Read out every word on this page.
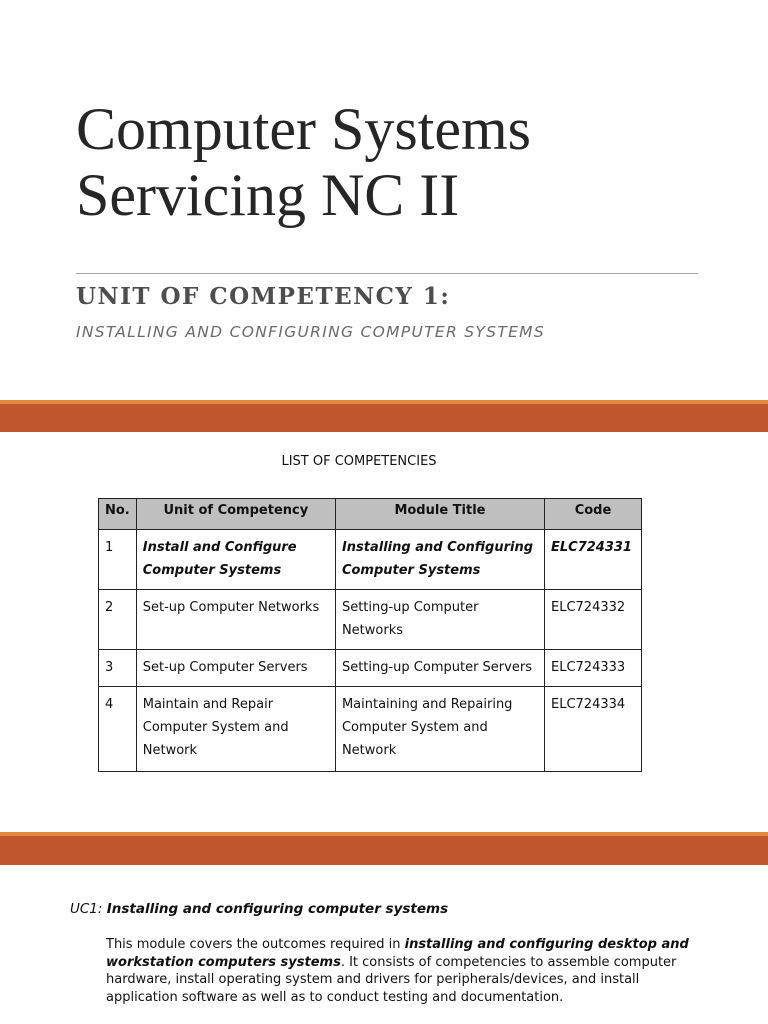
Computer Systems
Servicing NC II
UNIT OF COMPETENCY 1:
INSTALLING AND CONFIGURING COMPUTER SYSTEMS
LIST OF COMPETENCIES
No.	Unit of Competency	Module Title	Code
1	Install and Configure Computer Systems	Installing and Configuring Computer Systems	ELC724331
2	Set-up Computer Networks	Setting-up Computer Networks	ELC724332
3	Set-up Computer Servers	Setting-up Computer Servers	ELC724333
4	Maintain and Repair Computer System and Network	Maintaining and Repairing Computer System and Network	ELC724334
UC1: Installing and configuring computer systems

This module covers the outcomes required in installing and configuring desktop and workstation computers systems. It consists of competencies to assemble computer hardware, install operating system and drivers for peripherals/devices, and install application software as well as to conduct testing and documentation.
